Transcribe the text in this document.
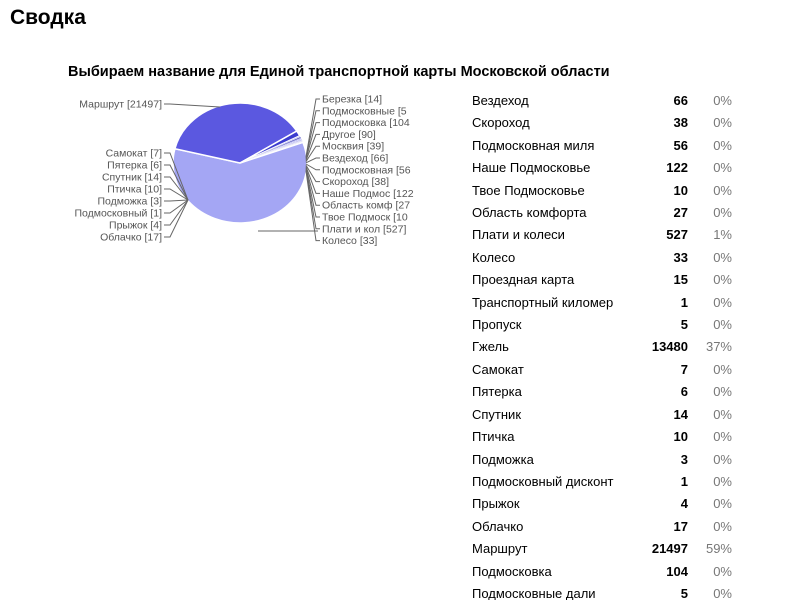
Сводка
Выбираем название для Единой транспортной карты Московской области
Маршрут [21497]
Самокат [7]
Пятерка [6]
Спутник [14]
Птичка [10]
Подможка [3]
Подмосковный [1]
Прыжок [4]
Облачко [17]
Березка [14]
Подмосковные [5
Подмосковка [104
Другое [90]
Москвия [39]
Вездеход [66]
Подмосковная [56
Скороход [38]
Наше Подмос [122
Область комф [27
Твое Подмоск [10
Плати и кол [527]
Колесо [33]
Вездеход	66	0%
Скороход	38	0%
Подмосковная миля	56	0%
Наше Подмосковье	122	0%
Твое Подмосковье	10	0%
Область комфорта	27	0%
Плати и колеси	527	1%
Колесо	33	0%
Проездная карта	15	0%
Транспортный киломер	1	0%
Пропуск	5	0%
Гжель	13480	37%
Самокат	7	0%
Пятерка	6	0%
Спутник	14	0%
Птичка	10	0%
Подможка	3	0%
Подмосковный дисконт	1	0%
Прыжок	4	0%
Облачко	17	0%
Маршрут	21497	59%
Подмосковка	104	0%
Подмосковные дали	5	0%
